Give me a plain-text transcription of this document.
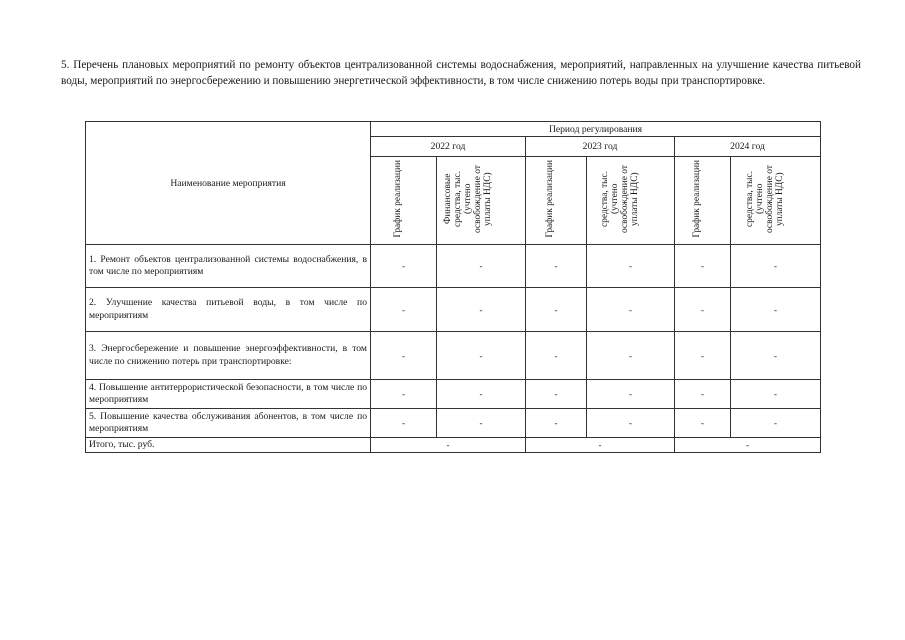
5. Перечень плановых мероприятий по ремонту объектов централизованной системы водоснабжения, мероприятий, направленных на улучшение качества питьевой воды, мероприятий по энергосбережению и повышению энергетической эффективности, в том числе снижению потерь воды при транспортировке.
Наименование мероприятия	Период регулирования					
	2022 год		2023 год		2024 год	
	График реализации	Финансовые средства, тыс. (учтено освобождение от уплаты НДС)	График реализации	средства, тыс. (учтено освобождение от уплаты НДС)	График реализации	средства, тыс. (учтено освобождение от уплаты НДС)
1. Ремонт объектов централизованной системы водоснабжения, в том числе по мероприятиям	-	-	-	-	-	-
2. Улучшение качества питьевой воды, в том числе по мероприятиям	-	-	-	-	-	-
3. Энергосбережение и повышение энергоэффективности, в том числе по снижению потерь при транспортировке:	-	-	-	-	-	-
4. Повышение антитеррористической безопасности, в том числе по мероприятиям	-	-	-	-	-	-
5. Повышение качества обслуживания абонентов, в том числе по мероприятиям	-	-	-	-	-	-
Итого, тыс. руб.	-		-		-	
